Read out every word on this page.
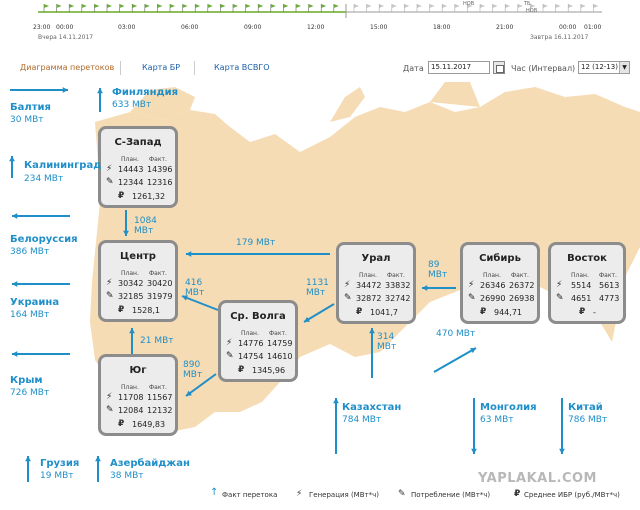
23:00 00:00	03:00	06:00	09:00	12:00	15:00	18:00	21:00	00:00 01:00
Вчера 14.11.2017	Завтра 16.11.2017
НОВ	ТБ
НОВ
Диаграмма перетоков	Карта БР	Карта ВСВГО	Дата	15.11.2017	Час (Интервал) 12 (12-13) ▼
С-Запад
План. Факт.
⚡ 14443 14396
✎ 12344 12316
₽ 1261,32
Центр
План. Факт.
⚡ 30342 30420
✎ 32185 31979
₽ 1528,1
Ср. Волга
План. Факт.
⚡ 14776 14759
✎ 14754 14610
₽ 1345,96
Юг
План. Факт.
⚡ 11708 11567
✎ 12084 12132
₽ 1649,83
Урал
План. Факт.
⚡ 34472 33832
✎ 32872 32742
₽ 1041,7
Сибирь
План. Факт.
⚡ 26346 26372
✎ 26990 26938
₽ 944,71
Восток
План. Факт.
⚡ 5514 5613
✎ 4651 4773
₽ -
1084
МВт
179 МВт
416
МВт
1131
МВт
21 МВт
890
МВт
89
МВт
314
МВт
470 МВт
Балтия
30 МВт
Финляндия
633 МВт
Калининград
234 МВт
Белоруссия
386 МВт
Украина
164 МВт
Крым
726 МВт
Грузия
19 МВт
Азербайджан
38 МВт
Казахстан
784 МВт
Монголия
63 МВт
Китай
786 МВт
YAPLAKAL.COM
↑ Факт перетока ⚡ Генерация (МВт*ч) ✎ Потребление (МВт*ч)	₽ Среднее ИБР (руб./МВт*ч)
